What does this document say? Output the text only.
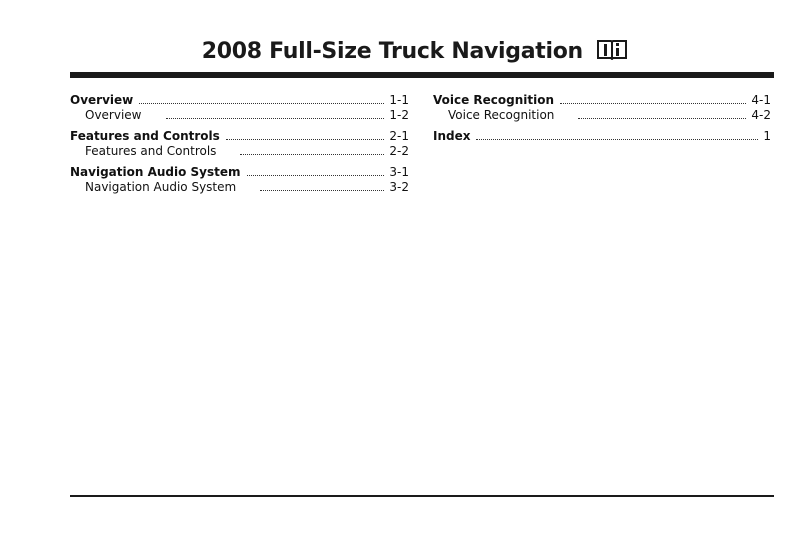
2008 Full-Size Truck Navigation
Overview	1-1
Overview	1-2
Features and Controls	2-1
Features and Controls	2-2
Navigation Audio System	3-1
Navigation Audio System	3-2
Voice Recognition	4-1
Voice Recognition	4-2
Index	1
